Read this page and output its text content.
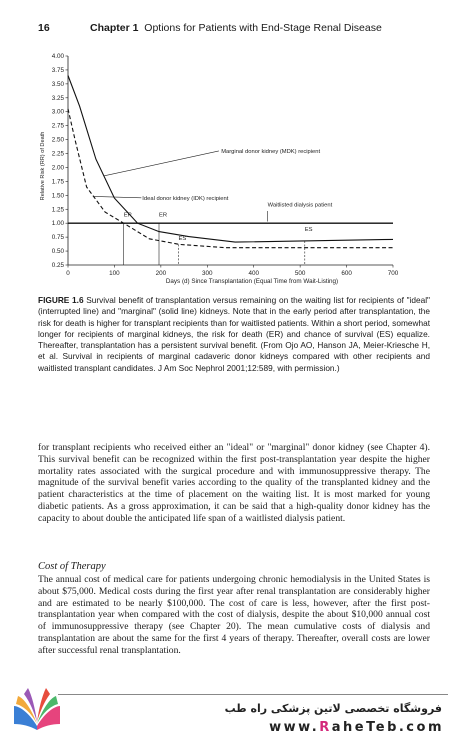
16	Chapter 1 Options for Patients with End-Stage Renal Disease
0.25
0.50
0.75
1.00
1.25
1.50
1.75
2.00
2.25
2.50
2.75
3.00
3.25
3.50
3.75
4.00
0	100	200	300	400	500	600	700
Marginal donor kidney (MDK) recipient
Ideal donor kidney (IDK) recipient
Waitlisted dialysis patient
ER	ER
ES
ES
Days (d) Since Transplantation (Equal Time from Wait-Listing)
Relative Risk (RR) of Death
FIGURE 1.6 Survival benefit of transplantation versus remaining on the waiting list for recipients of "ideal" (interrupted line) and "marginal" (solid line) kidneys. Note that in the early period after transplantation, the risk for death is higher for transplant recipients than for waitlisted patients. Within a short period, somewhat longer for recipients of marginal kidneys, the risk for death (ER) and chance of survival (ES) equalize. Thereafter, transplantation has a persistent survival benefit. (From Ojo AO, Hanson JA, Meier-Kriesche H, et al. Survival in recipients of marginal cadaveric donor kidneys compared with other recipients and waitlisted transplant candidates. J Am Soc Nephrol 2001;12:589, with permission.)
for transplant recipients who received either an "ideal" or "marginal" donor kidney (see Chapter 4). This survival benefit can be recognized within the first post-transplantation year despite the higher mortality rates associated with the surgical procedure and with immunosuppressive therapy. The magnitude of the survival benefit varies according to the quality of the transplanted kidney and the patient characteristics at the time of placement on the waiting list. It is most marked for young diabetic patients. As a gross approximation, it can be said that a high-quality donor kidney has the capacity to about double the anticipated life span of a waitlisted dialysis patient.
Cost of Therapy
The annual cost of medical care for patients undergoing chronic hemodialysis in the United States is about $75,000. Medical costs during the first year after renal transplantation are considerably higher and are estimated to be nearly $100,000. The cost of care is less, however, after the first post-transplantation year when compared with the cost of dialysis, despite the about $10,000 annual cost of immunosuppressive therapy (see Chapter 20). The mean cumulative costs of dialysis and transplantation are about the same for the first 4 years of therapy. Thereafter, overall costs are lower after successful renal transplantation.
فروشگاه تخصصی لاتین پزشکی راه طب
www.RaheTeb.com
